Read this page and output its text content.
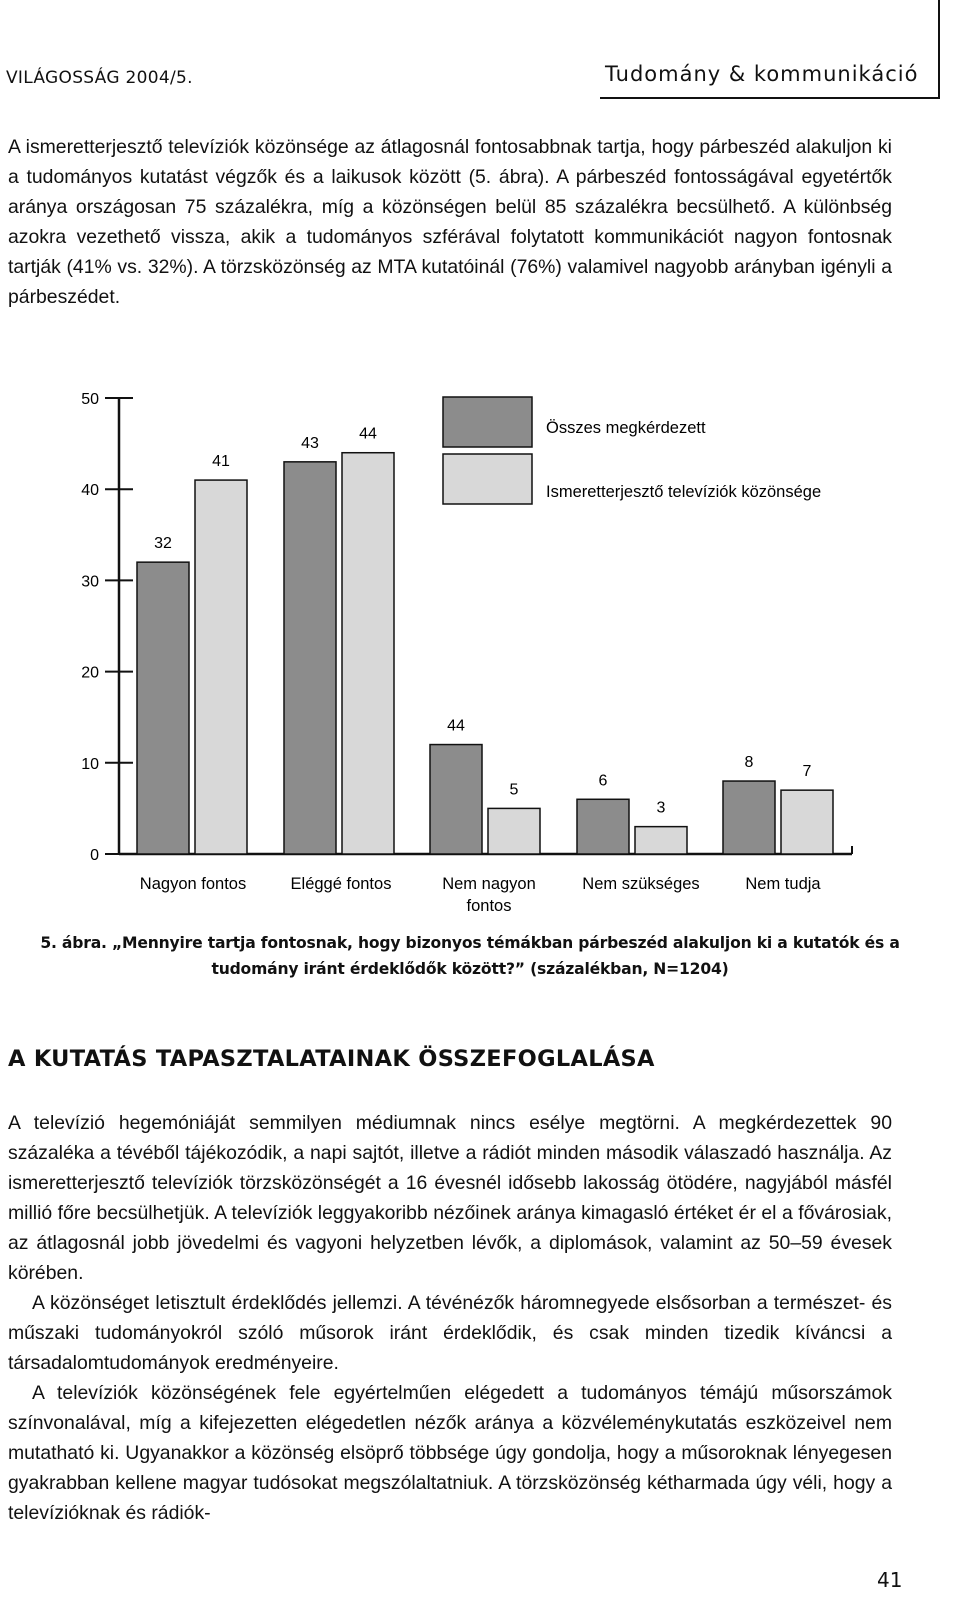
VILÁGOSSÁG 2004/5.	Tudomány & kommunikáció

A ismeretterjesztő televíziók közönsége az átlagosnál fontosabbnak tartja, hogy párbeszéd alakuljon ki a tudományos kutatást végzők és a laikusok között (5. ábra). A párbeszéd fontosságával egyetértők aránya országosan 75 százalékra, míg a közönségen belül 85 százalékra becsülhető. A különbség azokra vezethető vissza, akik a tudományos szférával folytatott kommunikációt nagyon fontosnak tartják (41% vs. 32%). A törzsközönség az MTA kutatóinál (76%) valamivel nagyobb arányban igényli a párbeszédet.

0
10
20
30
40
50
32
41
Nagyon fontos
43
44
Eléggé fontos
44
5
Nem nagyon
fontos
6
3
Nem szükséges
8
7
Nem tudja
Összes megkérdezett
Ismeretterjesztő televíziók közönsége
5. ábra. „Mennyire tartja fontosnak, hogy bizonyos témákban párbeszéd alakuljon ki a kutatók és a
tudomány iránt érdeklődők között?” (százalékban, N=1204)
A KUTATÁS TAPASZTALATAINAK ÖSSZEFOGLALÁSA

A televízió hegemóniáját semmilyen médiumnak nincs esélye megtörni. A megkérdezettek 90 százaléka a tévéből tájékozódik, a napi sajtót, illetve a rádiót minden második válaszadó használja. Az ismeretterjesztő televíziók törzsközönségét a 16 évesnél idősebb lakosság ötödére, nagyjából másfél millió főre becsülhetjük. A televíziók leggyakoribb nézőinek aránya kimagasló értéket ér el a fővárosiak, az átlagosnál jobb jövedelmi és vagyoni helyzetben lévők, a diplomások, valamint az 50–59 évesek körében.

A közönséget letisztult érdeklődés jellemzi. A tévénézők háromnegyede elsősorban a természet- és műszaki tudományokról szóló műsorok iránt érdeklődik, és csak minden tizedik kíváncsi a társadalomtudományok eredményeire.

A televíziók közönségének fele egyértelműen elégedett a tudományos témájú műsorszámok színvonalával, míg a kifejezetten elégedetlen nézők aránya a közvéleménykutatás eszközeivel nem mutatható ki. Ugyanakkor a közönség elsöprő többsége úgy gondolja, hogy a műsoroknak lényegesen gyakrabban kellene magyar tudósokat megszólaltatniuk. A törzsközönség kétharmada úgy véli, hogy a televízióknak és rádiók-

41
